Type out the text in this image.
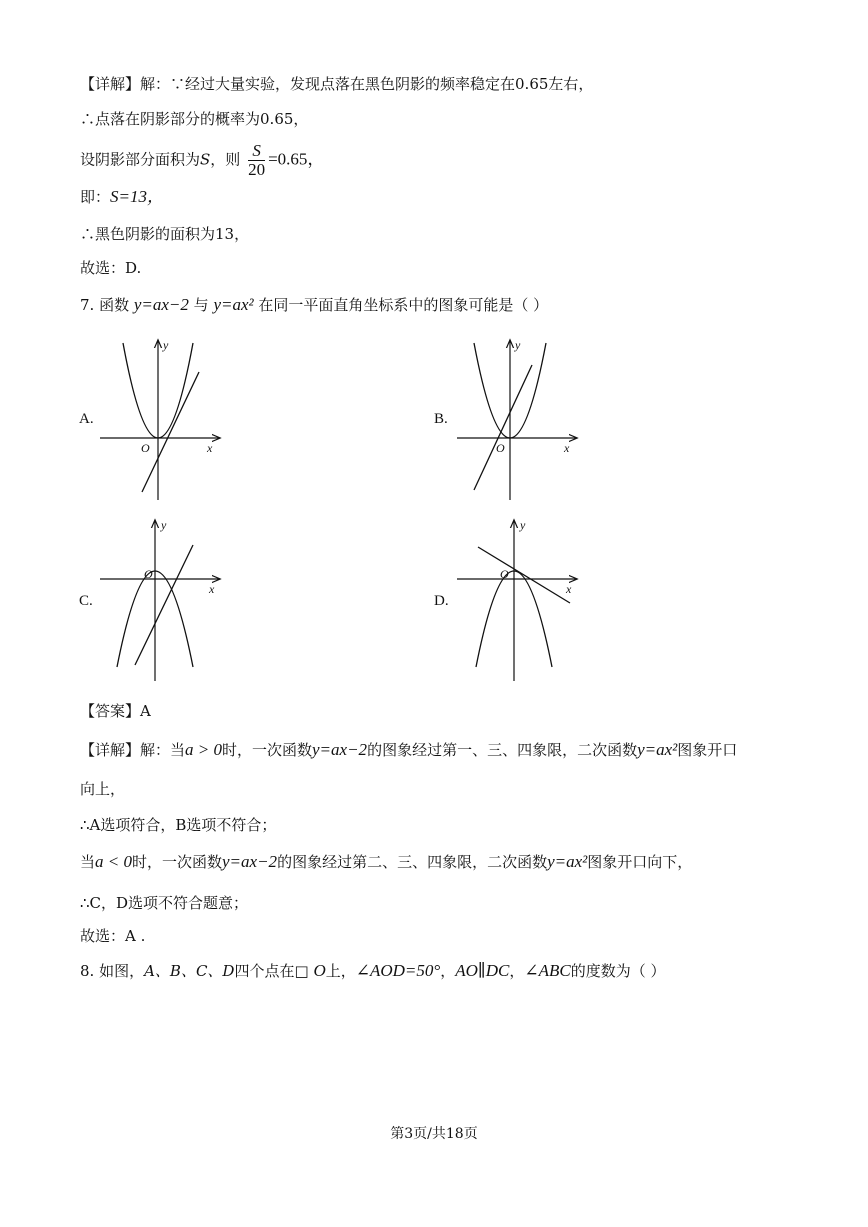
【详解】解：∵经过大量实验，发现点落在黑色阴影的频率稳定在0.65左右，
∴点落在阴影部分的概率为0.65，
设阴影部分面积为S，则 $\frac{S}{20} =0.65$，
即：S=13，
∴黑色阴影的面积为13，
故选：D.
7. 函数 y=ax−2 与 y=ax² 在同一平面直角坐标系中的图象可能是（ ）
A.	B.
C.	D.
y
x
O
y
x
O
y
x
O
y
x
O
【答案】A
【详解】解：当a > 0时，一次函数y=ax−2的图象经过第一、三、四象限，二次函数y=ax²图象开口
向上，
∴A选项符合，B选项不符合；
当a < 0时，一次函数y=ax−2的图象经过第二、三、四象限，二次函数y=ax²图象开口向下，
∴C，D选项不符合题意；
故选：A .
8. 如图，A、B、C、D四个点在□ O上，∠AOD=50°，AO∥DC，∠ABC的度数为（ ）
第3页/共18页
